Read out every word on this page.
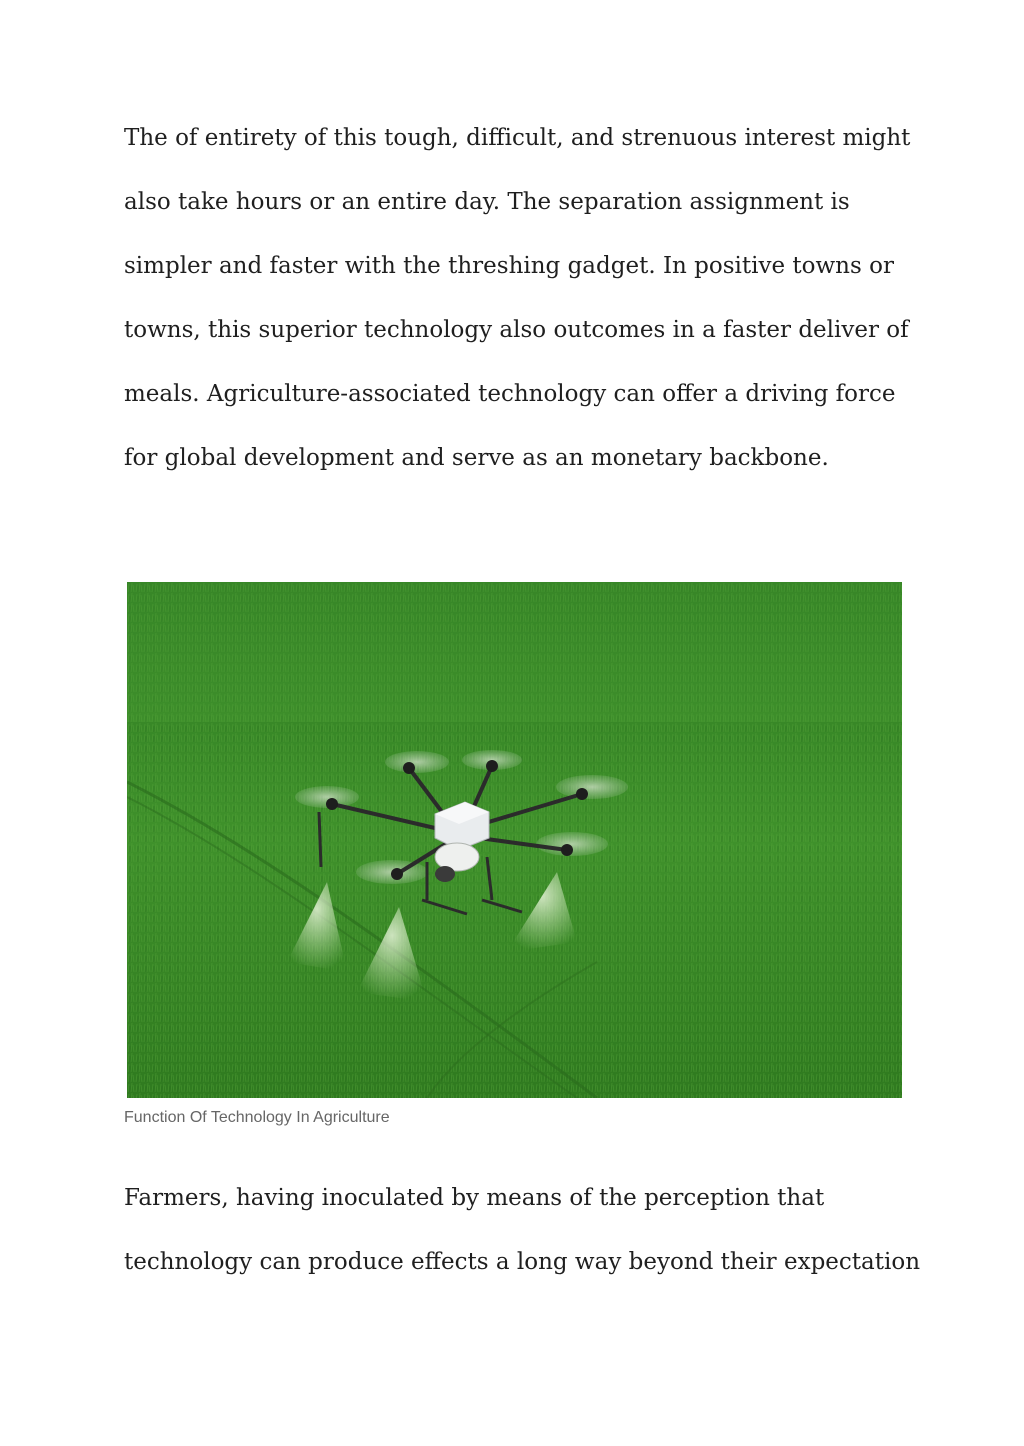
The of entirety of this tough, difficult, and strenuous interest might
also take hours or an entire day. The separation assignment is
simpler and faster with the threshing gadget. In positive towns or
towns, this superior technology also outcomes in a faster deliver of
meals. Agriculture-associated technology can offer a driving force
for global development and serve as an monetary backbone.
Function Of Technology In Agriculture
Farmers, having inoculated by means of the perception that
technology can produce effects a long way beyond their expectation
